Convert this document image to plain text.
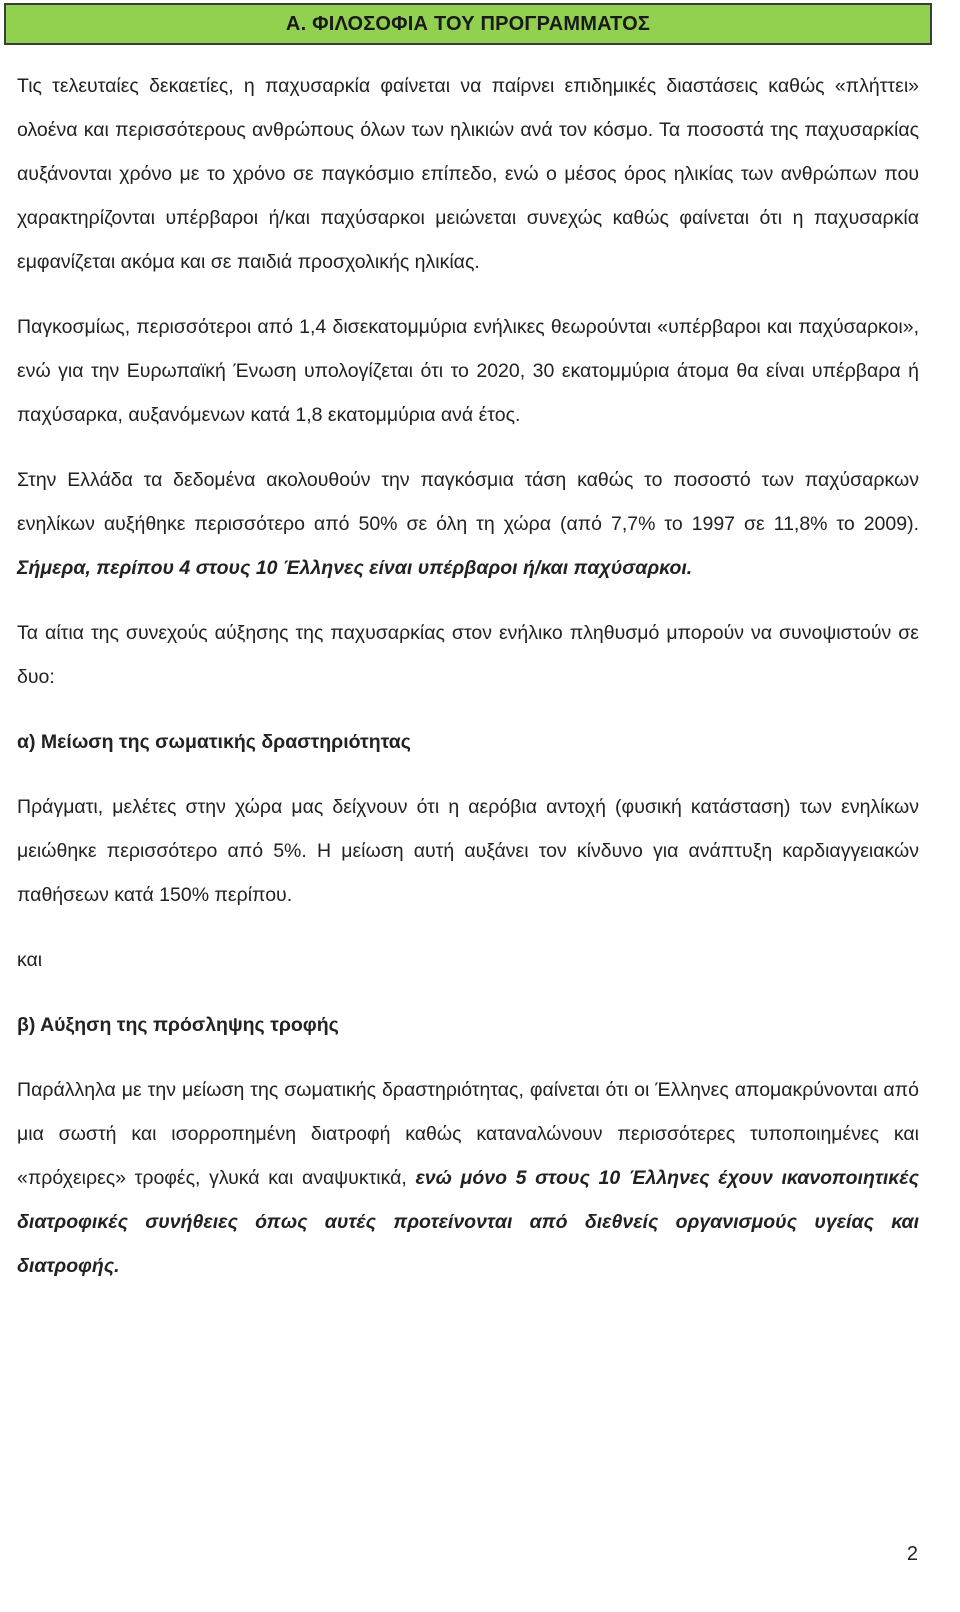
Α. ΦΙΛΟΣΟΦΙΑ ΤΟΥ ΠΡΟΓΡΑΜΜΑΤΟΣ

Τις τελευταίες δεκαετίες, η παχυσαρκία φαίνεται να παίρνει επιδημικές διαστάσεις καθώς «πλήττει» ολοένα και περισσότερους ανθρώπους όλων των ηλικιών ανά τον κόσμο. Τα ποσοστά της παχυσαρκίας αυξάνονται χρόνο με το χρόνο σε παγκόσμιο επίπεδο, ενώ ο μέσος όρος ηλικίας των ανθρώπων που χαρακτηρίζονται υπέρβαροι ή/και παχύσαρκοι μειώνεται συνεχώς καθώς φαίνεται ότι η παχυσαρκία εμφανίζεται ακόμα και σε παιδιά προσχολικής ηλικίας.

Παγκοσμίως, περισσότεροι από 1,4 δισεκατομμύρια ενήλικες θεωρούνται «υπέρβαροι και παχύσαρκοι», ενώ για την Ευρωπαϊκή Ένωση υπολογίζεται ότι το 2020, 30 εκατομμύρια άτομα θα είναι υπέρβαρα ή παχύσαρκα, αυξανόμενων κατά 1,8 εκατομμύρια ανά έτος.

Στην Ελλάδα τα δεδομένα ακολουθούν την παγκόσμια τάση καθώς το ποσοστό των παχύσαρκων ενηλίκων αυξήθηκε περισσότερο από 50% σε όλη τη χώρα (από 7,7% το 1997 σε 11,8% το 2009). Σήμερα, περίπου 4 στους 10 Έλληνες είναι υπέρβαροι ή/και παχύσαρκοι.

Τα αίτια της συνεχούς αύξησης της παχυσαρκίας στον ενήλικο πληθυσμό μπορούν να συνοψιστούν σε δυο:

α) Μείωση της σωματικής δραστηριότητας

Πράγματι, μελέτες στην χώρα μας δείχνουν ότι η αερόβια αντοχή (φυσική κατάσταση) των ενηλίκων μειώθηκε περισσότερο από 5%. Η μείωση αυτή αυξάνει τον κίνδυνο για ανάπτυξη καρδιαγγειακών παθήσεων κατά 150% περίπου.

και

β) Αύξηση της πρόσληψης τροφής

Παράλληλα με την μείωση της σωματικής δραστηριότητας, φαίνεται ότι οι Έλληνες απομακρύνονται από μια σωστή και ισορροπημένη διατροφή καθώς καταναλώνουν περισσότερες τυποποιημένες και «πρόχειρες» τροφές, γλυκά και αναψυκτικά, ενώ μόνο 5 στους 10 Έλληνες έχουν ικανοποιητικές διατροφικές συνήθειες όπως αυτές προτείνονται από διεθνείς οργανισμούς υγείας και διατροφής.

2
